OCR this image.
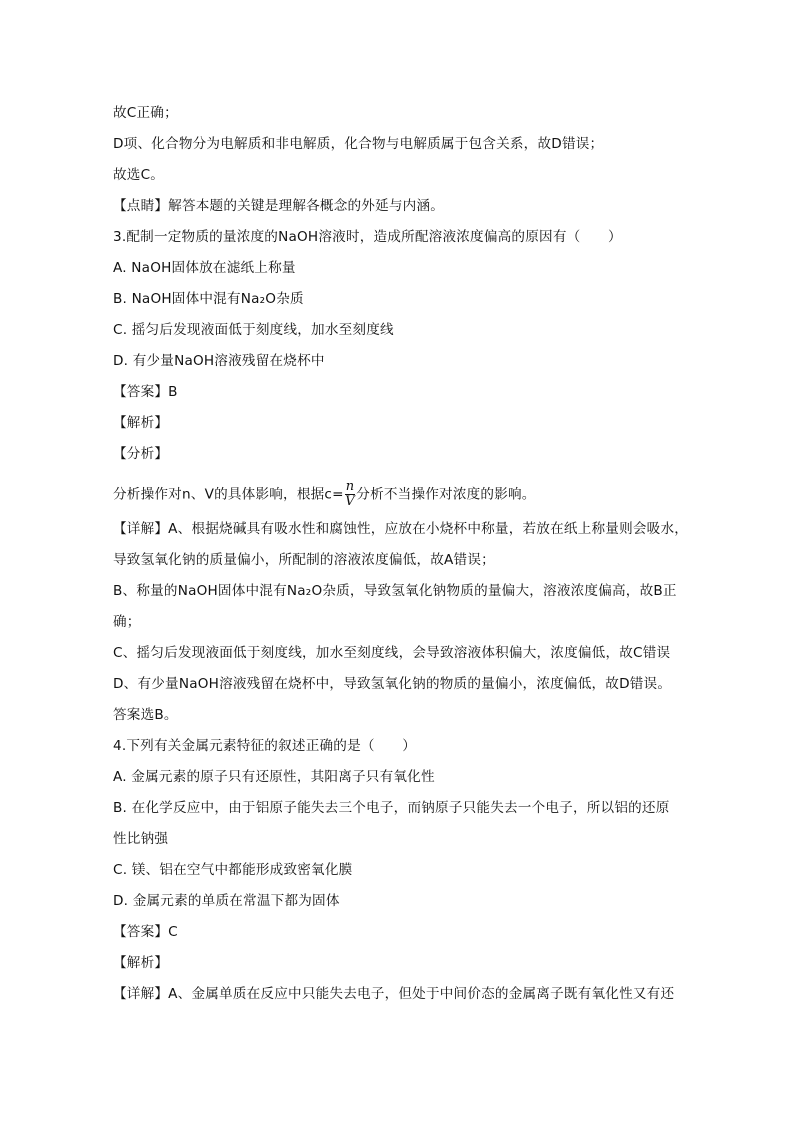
故C正确；
D项、化合物分为电解质和非电解质，化合物与电解质属于包含关系，故D错误；
故选C。
【点睛】解答本题的关键是理解各概念的外延与内涵。
3.配制一定物质的量浓度的NaOH溶液时，造成所配溶液浓度偏高的原因有（　　）
A. NaOH固体放在滤纸上称量
B. NaOH固体中混有Na₂O杂质
C. 摇匀后发现液面低于刻度线，加水至刻度线
D. 有少量NaOH溶液残留在烧杯中
【答案】B
【解析】
【分析】
分析操作对n、V的具体影响，根据$c= \frac{n}{V}$ 分析不当操作对浓度的影响。
【详解】A、根据烧碱具有吸水性和腐蚀性，应放在小烧杯中称量，若放在纸上称量则会吸水，
导致氢氧化钠的质量偏小，所配制的溶液浓度偏低，故A错误；
B、称量的NaOH固体中混有Na₂O杂质，导致氢氧化钠物质的量偏大，溶液浓度偏高，故B正
确；
C、摇匀后发现液面低于刻度线，加水至刻度线，会导致溶液体积偏大，浓度偏低，故C错误
D、有少量NaOH溶液残留在烧杯中，导致氢氧化钠的物质的量偏小，浓度偏低，故D错误。
答案选B。
4.下列有关金属元素特征的叙述正确的是（　　）
A. 金属元素的原子只有还原性，其阳离子只有氧化性
B. 在化学反应中，由于铝原子能失去三个电子，而钠原子只能失去一个电子，所以铝的还原
性比钠强
C. 镁、铝在空气中都能形成致密氧化膜
D. 金属元素的单质在常温下都为固体
【答案】C
【解析】
【详解】A、金属单质在反应中只能失去电子，但处于中间价态的金属离子既有氧化性又有还
